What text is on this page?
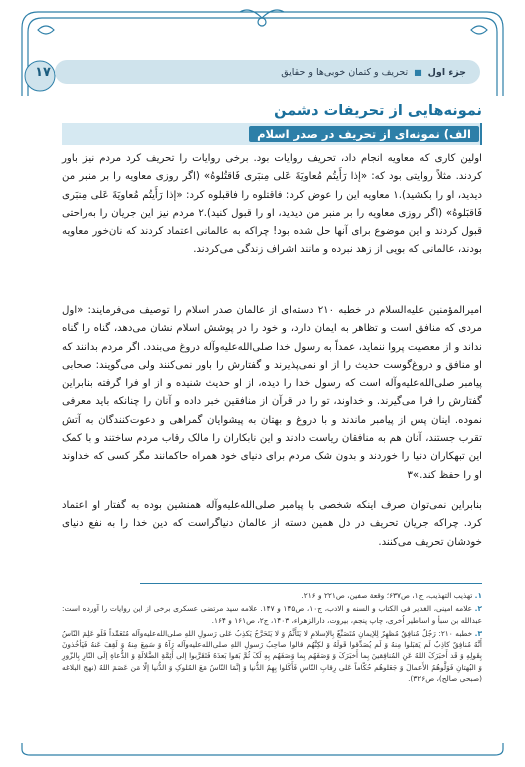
۱۷	جزء اول
■
تحریف و کتمان خوبی‌ها و حقایق
نمونه‌هایی از تحریفات دشمن
الف) نمونه‌ای از تحریف در صدر اسلام
اولین کاری که معاویه انجام داد، تحریف روایات بود. برخی روایات را تحریف کرد مردم نیز باور کردند. مثلاً روایتی بود که: «إذا رَأَیتُم مُعاویَةَ عَلی مِنبَری فَاقتُلوهُ» (اگر روزی معاویه را بر منبر من دیدید، او را بکشید).۱ معاویه این را عوض کرد: فاقتلوه را فاقبلوه کرد: «إذا رَأَیتُم مُعاویَةَ عَلی مِنبَری فَاقبَلوهُ» (اگر روزی معاویه را بر منبر من دیدید، او را قبول کنید).۲ مردم نیز این جریان را به‌راحتی قبول کردند و این موضوع برای آنها حل شده بود! چراکه به عالمانی اعتماد کردند که نان‌خور معاویه بودند، عالمانی که بویی از زهد نبرده و مانند اشراف زندگی می‌کردند.
امیرالمؤمنین علیه‌السلام در خطبه ۲۱۰ دسته‌ای از عالمان صدر اسلام را توصیف می‌فرمایند: «اول مردی که منافق است و تظاهر به ایمان دارد، و خود را در پوشش اسلام نشان می‌دهد، گناه را گناه نداند و از معصیت پروا ننماید، عمداً به رسول خدا صلی‌الله‌علیه‌وآله دروغ می‌بندد. اگر مردم بدانند که او منافق و دروغ‌گوست حدیث را از او نمی‌پذیرند و گفتارش را باور نمی‌کنند ولی می‌گویند: صحابی پیامبر صلی‌الله‌علیه‌وآله است که رسول خدا را دیده، از او حدیث شنیده و از او فرا گرفته بنابراین گفتارش را فرا می‌گیرند. و خداوند، تو را در قرآن از منافقین خبر داده و آنان را چنانکه باید معرفی نموده. اینان پس از پیامبر ماندند و با دروغ و بهتان به پیشوایان گمراهی و دعوت‌کنندگان به آتش تقرب جستند، آنان هم به منافقان ریاست دادند و این نابکاران را مالک رقاب مردم ساختند و با کمک این تبهکاران دنیا را خوردند و بدون شک مردم برای دنیای خود همراه حاکمانند مگر کسی که خداوند او را حفظ کند.»۳
بنابراین نمی‌توان صرف اینکه شخصی با پیامبر صلی‌الله‌علیه‌وآله همنشین بوده به گفتار او اعتماد کرد. چراکه جریان تحریف در دل همین دسته از عالمان دنیاگراست که دین خدا را به نفع دنیای خودشان تحریف می‌کنند.

۱. تهذیب التهذیب، ج۱، ص۶۳۷؛ وقعة صفین، ص۲۲۱ و ۲۱۶.

۲. علامه امینی، الغدیر فی الکتاب و السنه و الادب، ج۱۰، ص۱۴۵ و ۱۴۷. علامه سید مرتضی عسکری برخی از این روایات را آورده است: عبدالله بن سبأ و اساطیر اُخری، چاپ پنجم، بیروت، دارالزهراء، ۱۴۰۳، ج۲، ص۱۶۱ و ۱۶۴.

۳. خطبه ۲۱۰: رَجُلٌ مُنافِقٌ مُظهِرٌ لِلإیمانِ مُتَصَنِّعٌ بِالإسلامِ لا یَتَأَثَّمُ وَ لا یَتَحَرَّجُ یَکذِبُ عَلی رَسولِ اللهِ صلی‌الله‌علیه‌وآله مُتَعَمِّداً فَلَو عَلِمَ النّاسُ أَنَّهُ مُنافِقٌ کاذِبٌ لَم یَقبَلوا مِنهُ وَ لَم یُصَدِّقوا قَولَهُ وَ لکِنَّهُم قالوا صاحِبُ رَسولِ اللهِ صلی‌الله‌علیه‌وآله رَآهُ وَ سَمِعَ مِنهُ وَ لَقِفَ عَنهُ فَیَأخُذونَ بِقَولِهِ وَ قَد أَخبَرَکَ اللهُ عَنِ المُنافِقینَ بِما أَخبَرَکَ وَ وَصَفَهُم بِما وَصَفَهُم بِهِ لَکَ ثُمَّ بَقوا بَعدَهُ فَتَقَرَّبوا إلی أَئِمَّةِ الضَّلالَةِ وَ الدُّعاةِ إلَی النّارِ بِالزّورِ وَ البُهتانِ فَوَلَّوهُمُ الأَعمالَ وَ جَعَلوهُم حُکّاماً عَلی رِقابِ النّاسِ فَأَکَلوا بِهِمُ الدُّنیا وَ إنَّمَا النّاسُ مَعَ المُلوکِ وَ الدُّنیا إلّا مَن عَصَمَ اللهُ (نهج البلاغه (صبحی صالح)، ص۳۲۶).
